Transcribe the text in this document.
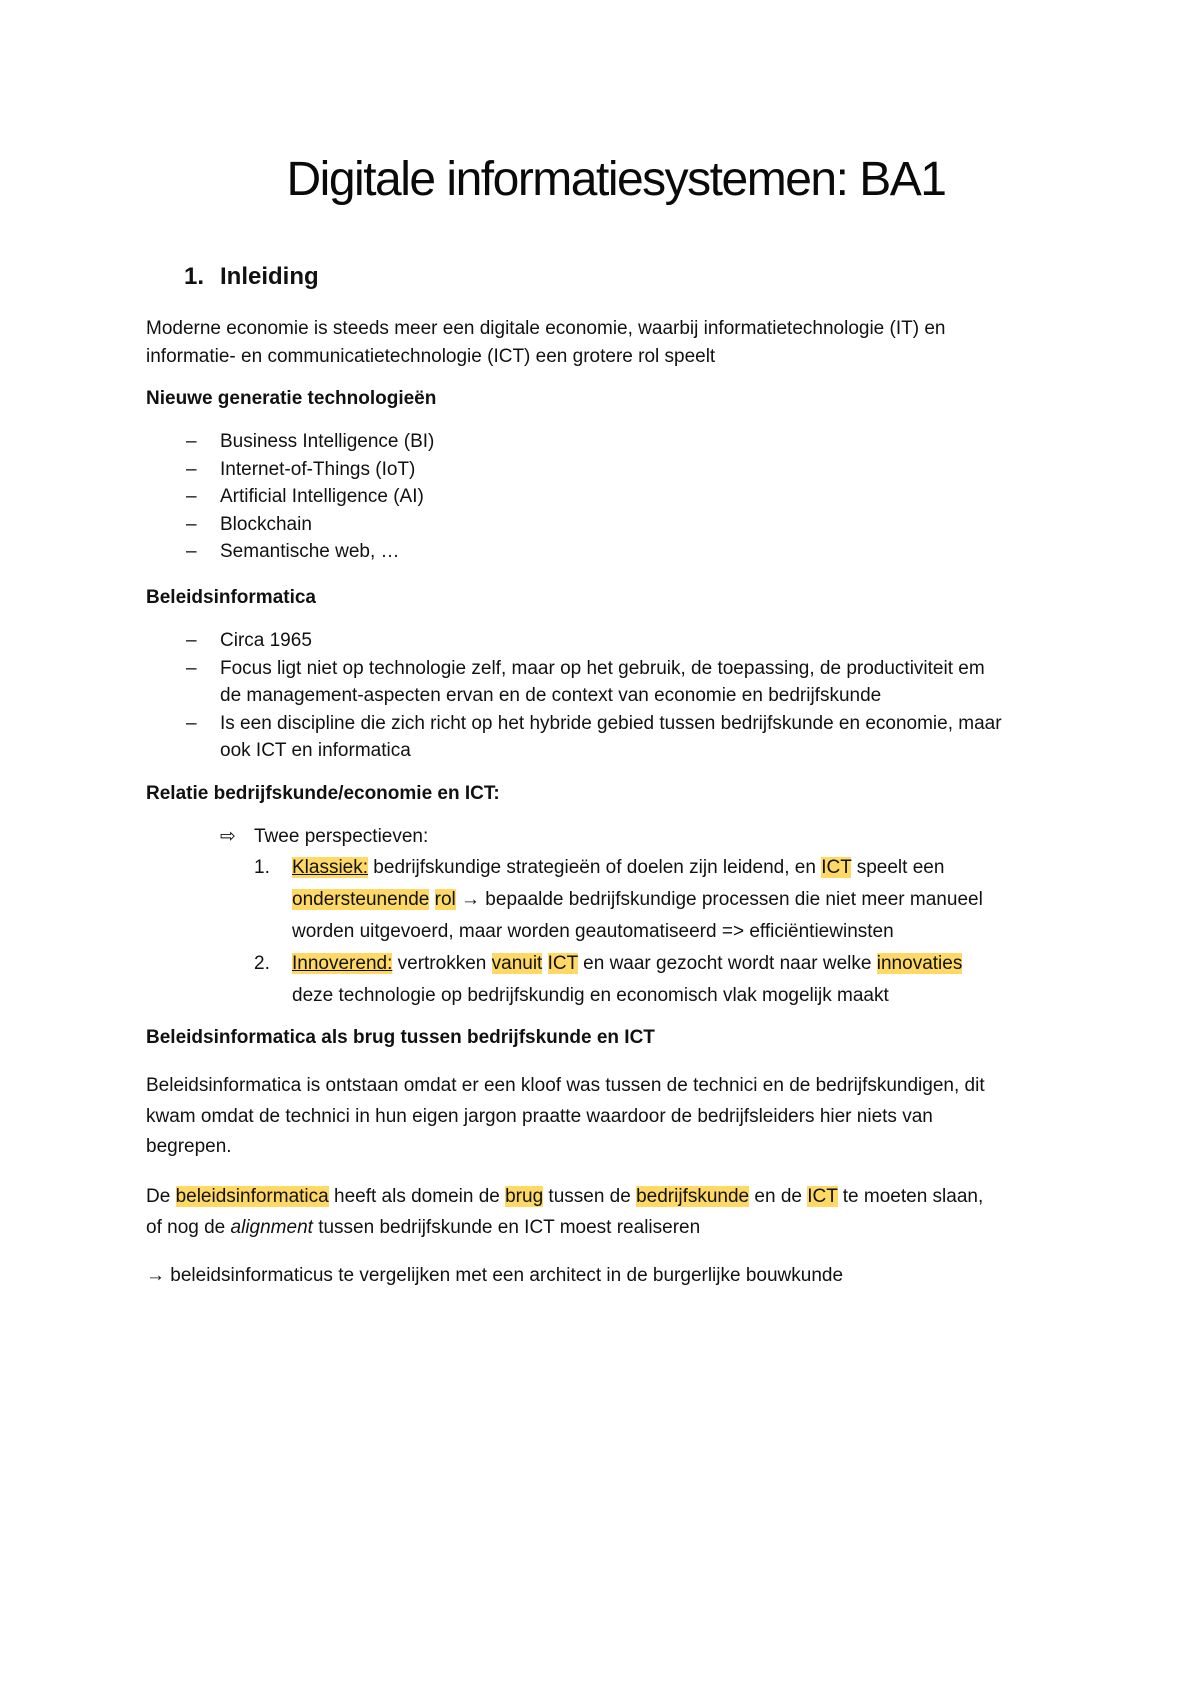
Digitale informatiesystemen: BA1
1. Inleiding

Moderne economie is steeds meer een digitale economie, waarbij informatietechnologie (IT) en

informatie- en communicatietechnologie (ICT) een grotere rol speelt

Nieuwe generatie technologieën

– Business Intelligence (BI)
– Internet-of-Things (IoT)
– Artificial Intelligence (AI)
– Blockchain
– Semantische web, …

Beleidsinformatica

– Circa 1965
– Focus ligt niet op technologie zelf, maar op het gebruik, de toepassing, de productiviteit em
de management-aspecten ervan en de context van economie en bedrijfskunde
– Is een discipline die zich richt op het hybride gebied tussen bedrijfskunde en economie, maar
ook ICT en informatica

Relatie bedrijfskunde/economie en ICT:

⇨ Twee perspectieven:
1. Klassiek: bedrijfskundige strategieën of doelen zijn leidend, en ICT speelt een
ondersteunende rol → bepaalde bedrijfskundige processen die niet meer manueel
worden uitgevoerd, maar worden geautomatiseerd => efficiëntiewinsten
2. Innoverend: vertrokken vanuit ICT en waar gezocht wordt naar welke innovaties
deze technologie op bedrijfskundig en economisch vlak mogelijk maakt

Beleidsinformatica als brug tussen bedrijfskunde en ICT

Beleidsinformatica is ontstaan omdat er een kloof was tussen de technici en de bedrijfskundigen, dit

kwam omdat de technici in hun eigen jargon praatte waardoor de bedrijfsleiders hier niets van

begrepen.

De beleidsinformatica heeft als domein de brug tussen de bedrijfskunde en de ICT te moeten slaan,
of nog de alignment tussen bedrijfskunde en ICT moest realiseren

→ beleidsinformaticus te vergelijken met een architect in de burgerlijke bouwkunde
